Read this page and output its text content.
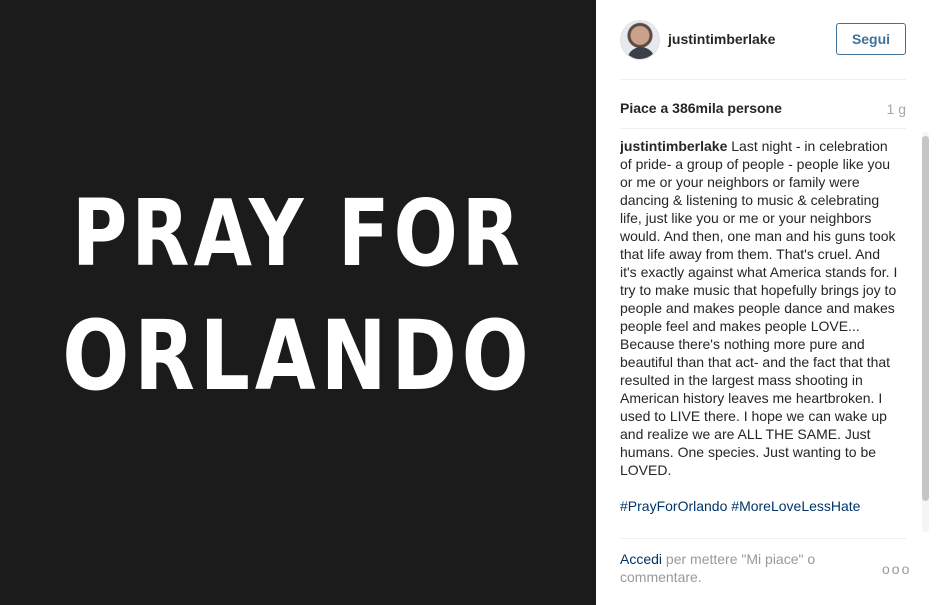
PRAY FOR
ORLANDO
justintimberlake	Segui
Piace a 386mila persone	1 g
justintimberlake Last night - in celebration of pride- a group of people - people like you or me or your neighbors or family were dancing & listening to music & celebrating life, just like you or me or your neighbors would. And then, one man and his guns took that life away from them. That's cruel. And it's exactly against what America stands for. I try to make music that hopefully brings joy to people and makes people dance and makes people feel and makes people LOVE... Because there's nothing more pure and beautiful than that act- and the fact that that resulted in the largest mass shooting in American history leaves me heartbroken. I used to LIVE there. I hope we can wake up and realize we are ALL THE SAME. Just humans. One species. Just wanting to be LOVED.
#PrayForOrlando #MoreLoveLessHate
Accedi per mettere "Mi piace" o commentare.	ooo
